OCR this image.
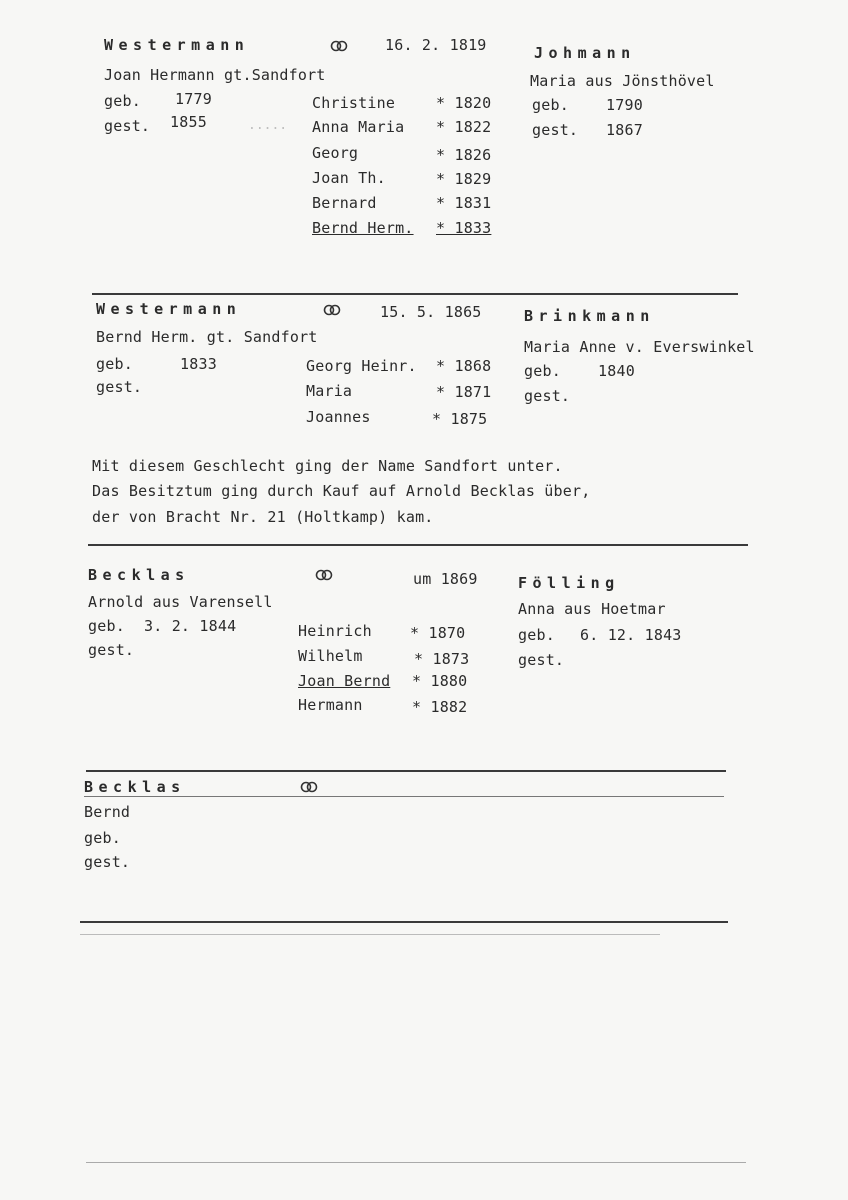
.....
Westermann	16. 2. 1819	Johmann
Joan Hermann gt.Sandfort	Maria aus Jönsthövel
geb. 1779
gest. 1855
Christine	* 1820
Anna Maria * 1822
Georg	* 1826
Joan Th.	* 1829
Bernard	* 1831
Bernd Herm. * 1833
geb. 1790
gest. 1867
Westermann	15. 5. 1865	Brinkmann
Bernd Herm. gt. Sandfort
Maria Anne v. Everswinkel
geb.	1833
gest.
Georg Heinr. * 1868
Maria	* 1871
Joannes	* 1875
geb. 1840
gest.
Mit diesem Geschlecht ging der Name Sandfort unter.
Das Besitztum ging durch Kauf auf Arnold Becklas über,
der von Bracht Nr. 21 (Holtkamp) kam.
Becklas	um 1869	Fölling
Arnold aus Varensell	Anna aus Hoetmar
geb. 3. 2. 1844
gest.
Heinrich	* 1870
Wilhelm	* 1873
Joan Bernd * 1880
Hermann	* 1882
geb. 6. 12. 1843
gest.
Becklas
Bernd
geb.
gest.
